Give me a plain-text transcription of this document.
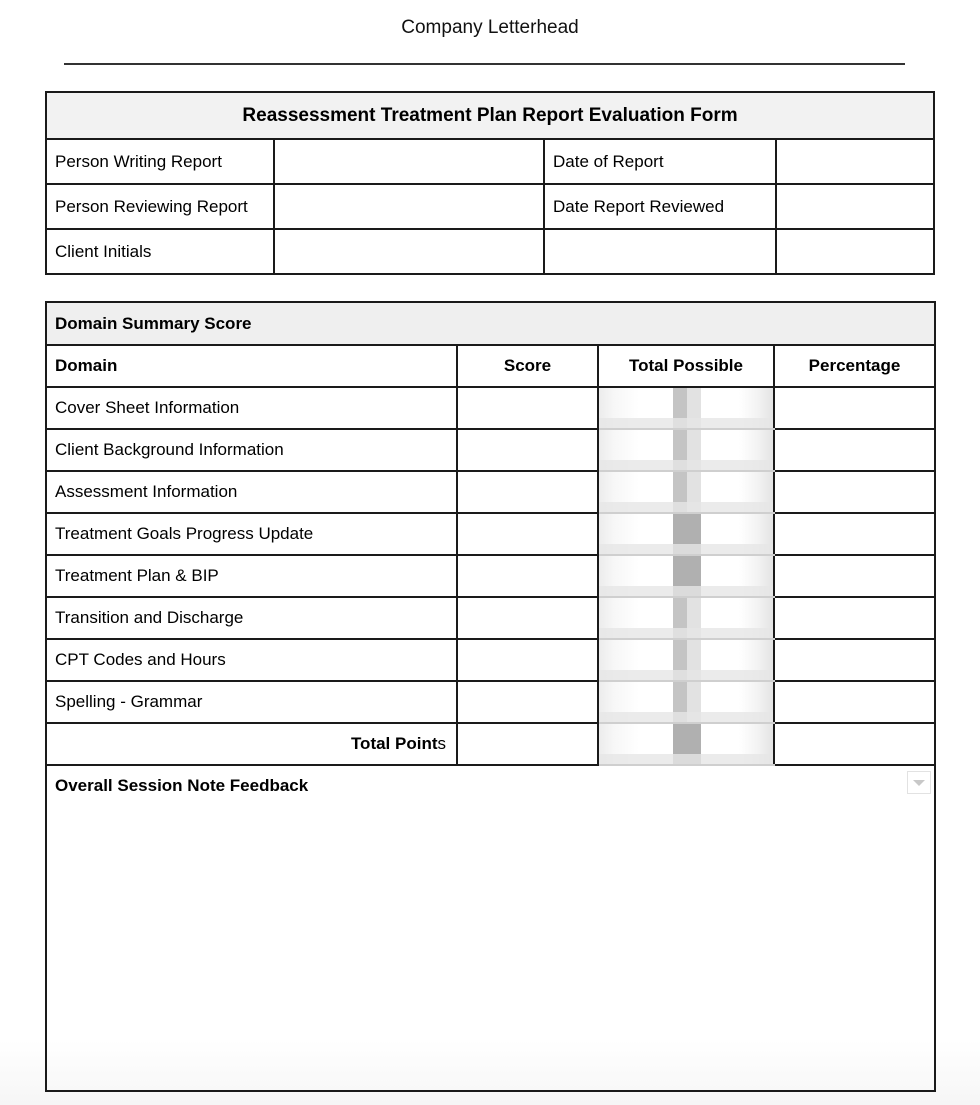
Company Letterhead
Reassessment Treatment Plan Report Evaluation Form			
Person Writing Report		Date of Report	
Person Reviewing Report		Date Report Reviewed	
Client Initials			
Domain Summary Score			
Domain	Score	Total Possible	Percentage
Cover Sheet Information			
Client Background Information			
Assessment Information			
Treatment Goals Progress Update			
Treatment Plan & BIP			
Transition and Discharge			
CPT Codes and Hours			
Spelling - Grammar			
Total Points			

Overall Session Note Feedback			
